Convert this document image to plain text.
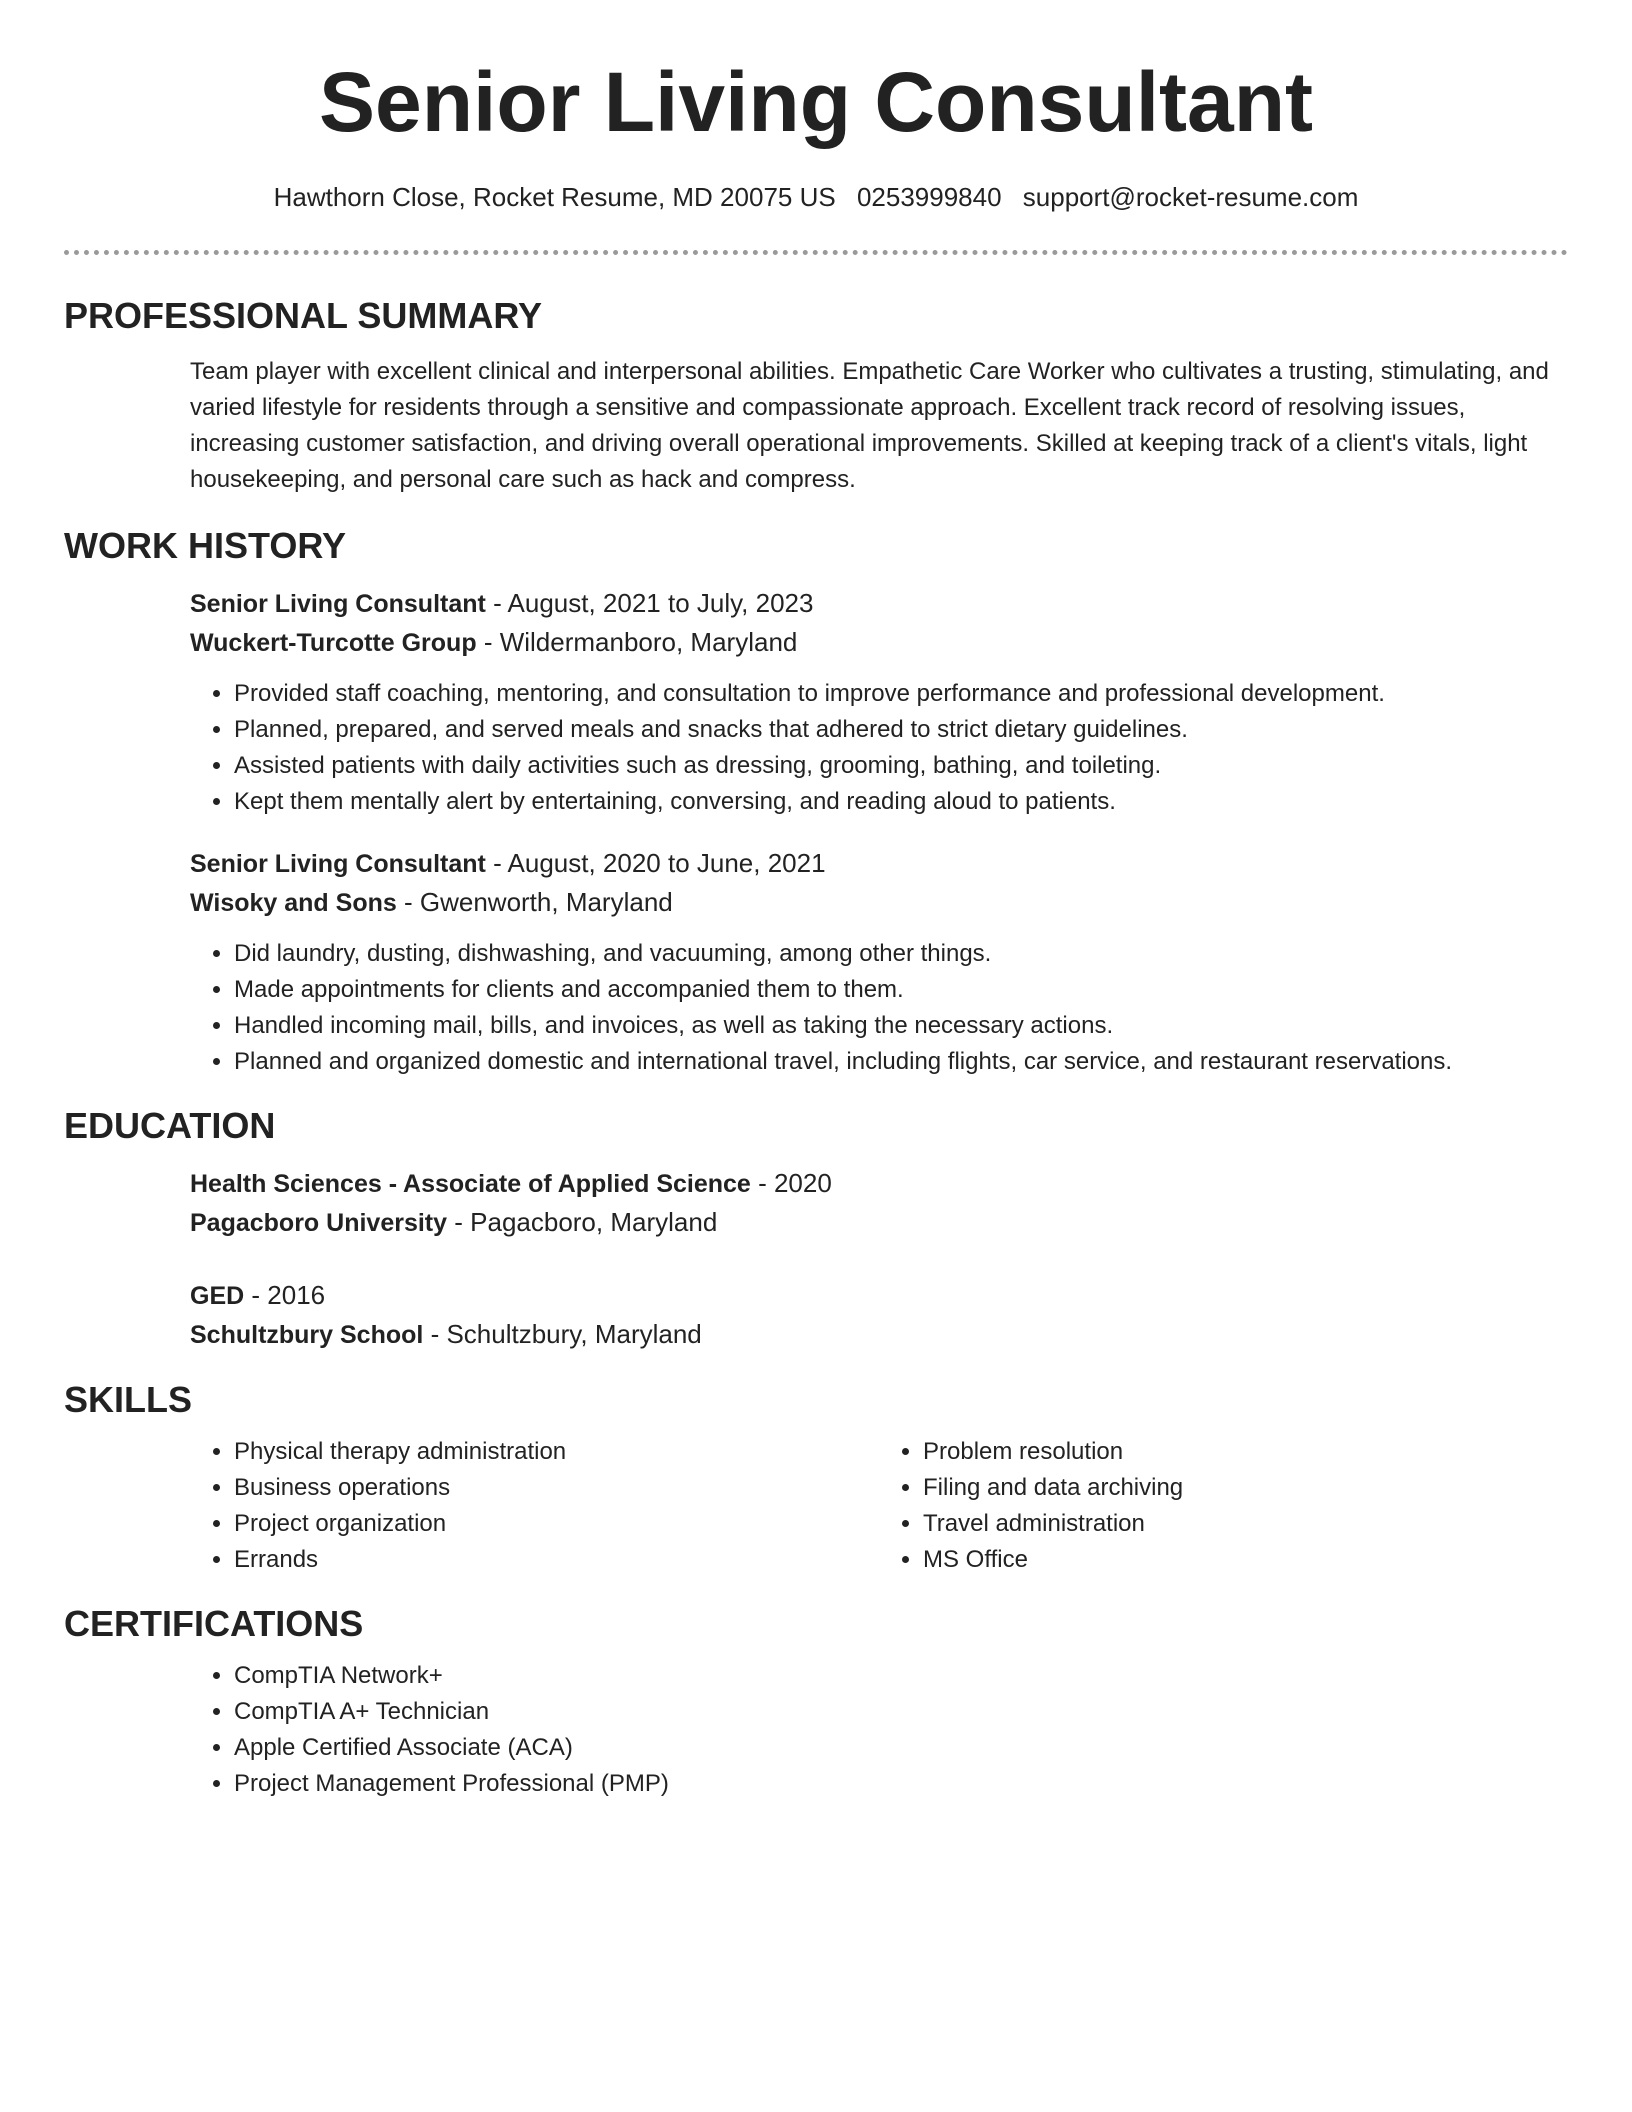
Senior Living Consultant
Hawthorn Close, Rocket Resume, MD 20075 US 0253999840 support@rocket-resume.com
PROFESSIONAL SUMMARY

Team player with excellent clinical and interpersonal abilities. Empathetic Care Worker who cultivates a trusting, stimulating, and varied lifestyle for residents through a sensitive and compassionate approach. Excellent track record of resolving issues, increasing customer satisfaction, and driving overall operational improvements. Skilled at keeping track of a client's vitals, light housekeeping, and personal care such as hack and compress.

WORK HISTORY
Senior Living Consultant - August, 2021 to July, 2023
Wuckert-Turcotte Group - Wildermanboro, Maryland
• Provided staff coaching, mentoring, and consultation to improve performance and professional development.
• Planned, prepared, and served meals and snacks that adhered to strict dietary guidelines.
• Assisted patients with daily activities such as dressing, grooming, bathing, and toileting.
• Kept them mentally alert by entertaining, conversing, and reading aloud to patients.
Senior Living Consultant - August, 2020 to June, 2021
Wisoky and Sons - Gwenworth, Maryland
• Did laundry, dusting, dishwashing, and vacuuming, among other things.
• Made appointments for clients and accompanied them to them.
• Handled incoming mail, bills, and invoices, as well as taking the necessary actions.
• Planned and organized domestic and international travel, including flights, car service, and restaurant reservations.
EDUCATION
Health Sciences - Associate of Applied Science - 2020
Pagacboro University - Pagacboro, Maryland
GED - 2016
Schultzbury School - Schultzbury, Maryland
SKILLS
• Physical therapy administration
• Business operations
• Project organization
• Errands
• Problem resolution
• Filing and data archiving
• Travel administration
• MS Office
CERTIFICATIONS
• CompTIA Network+
• CompTIA A+ Technician
• Apple Certified Associate (ACA)
• Project Management Professional (PMP)
